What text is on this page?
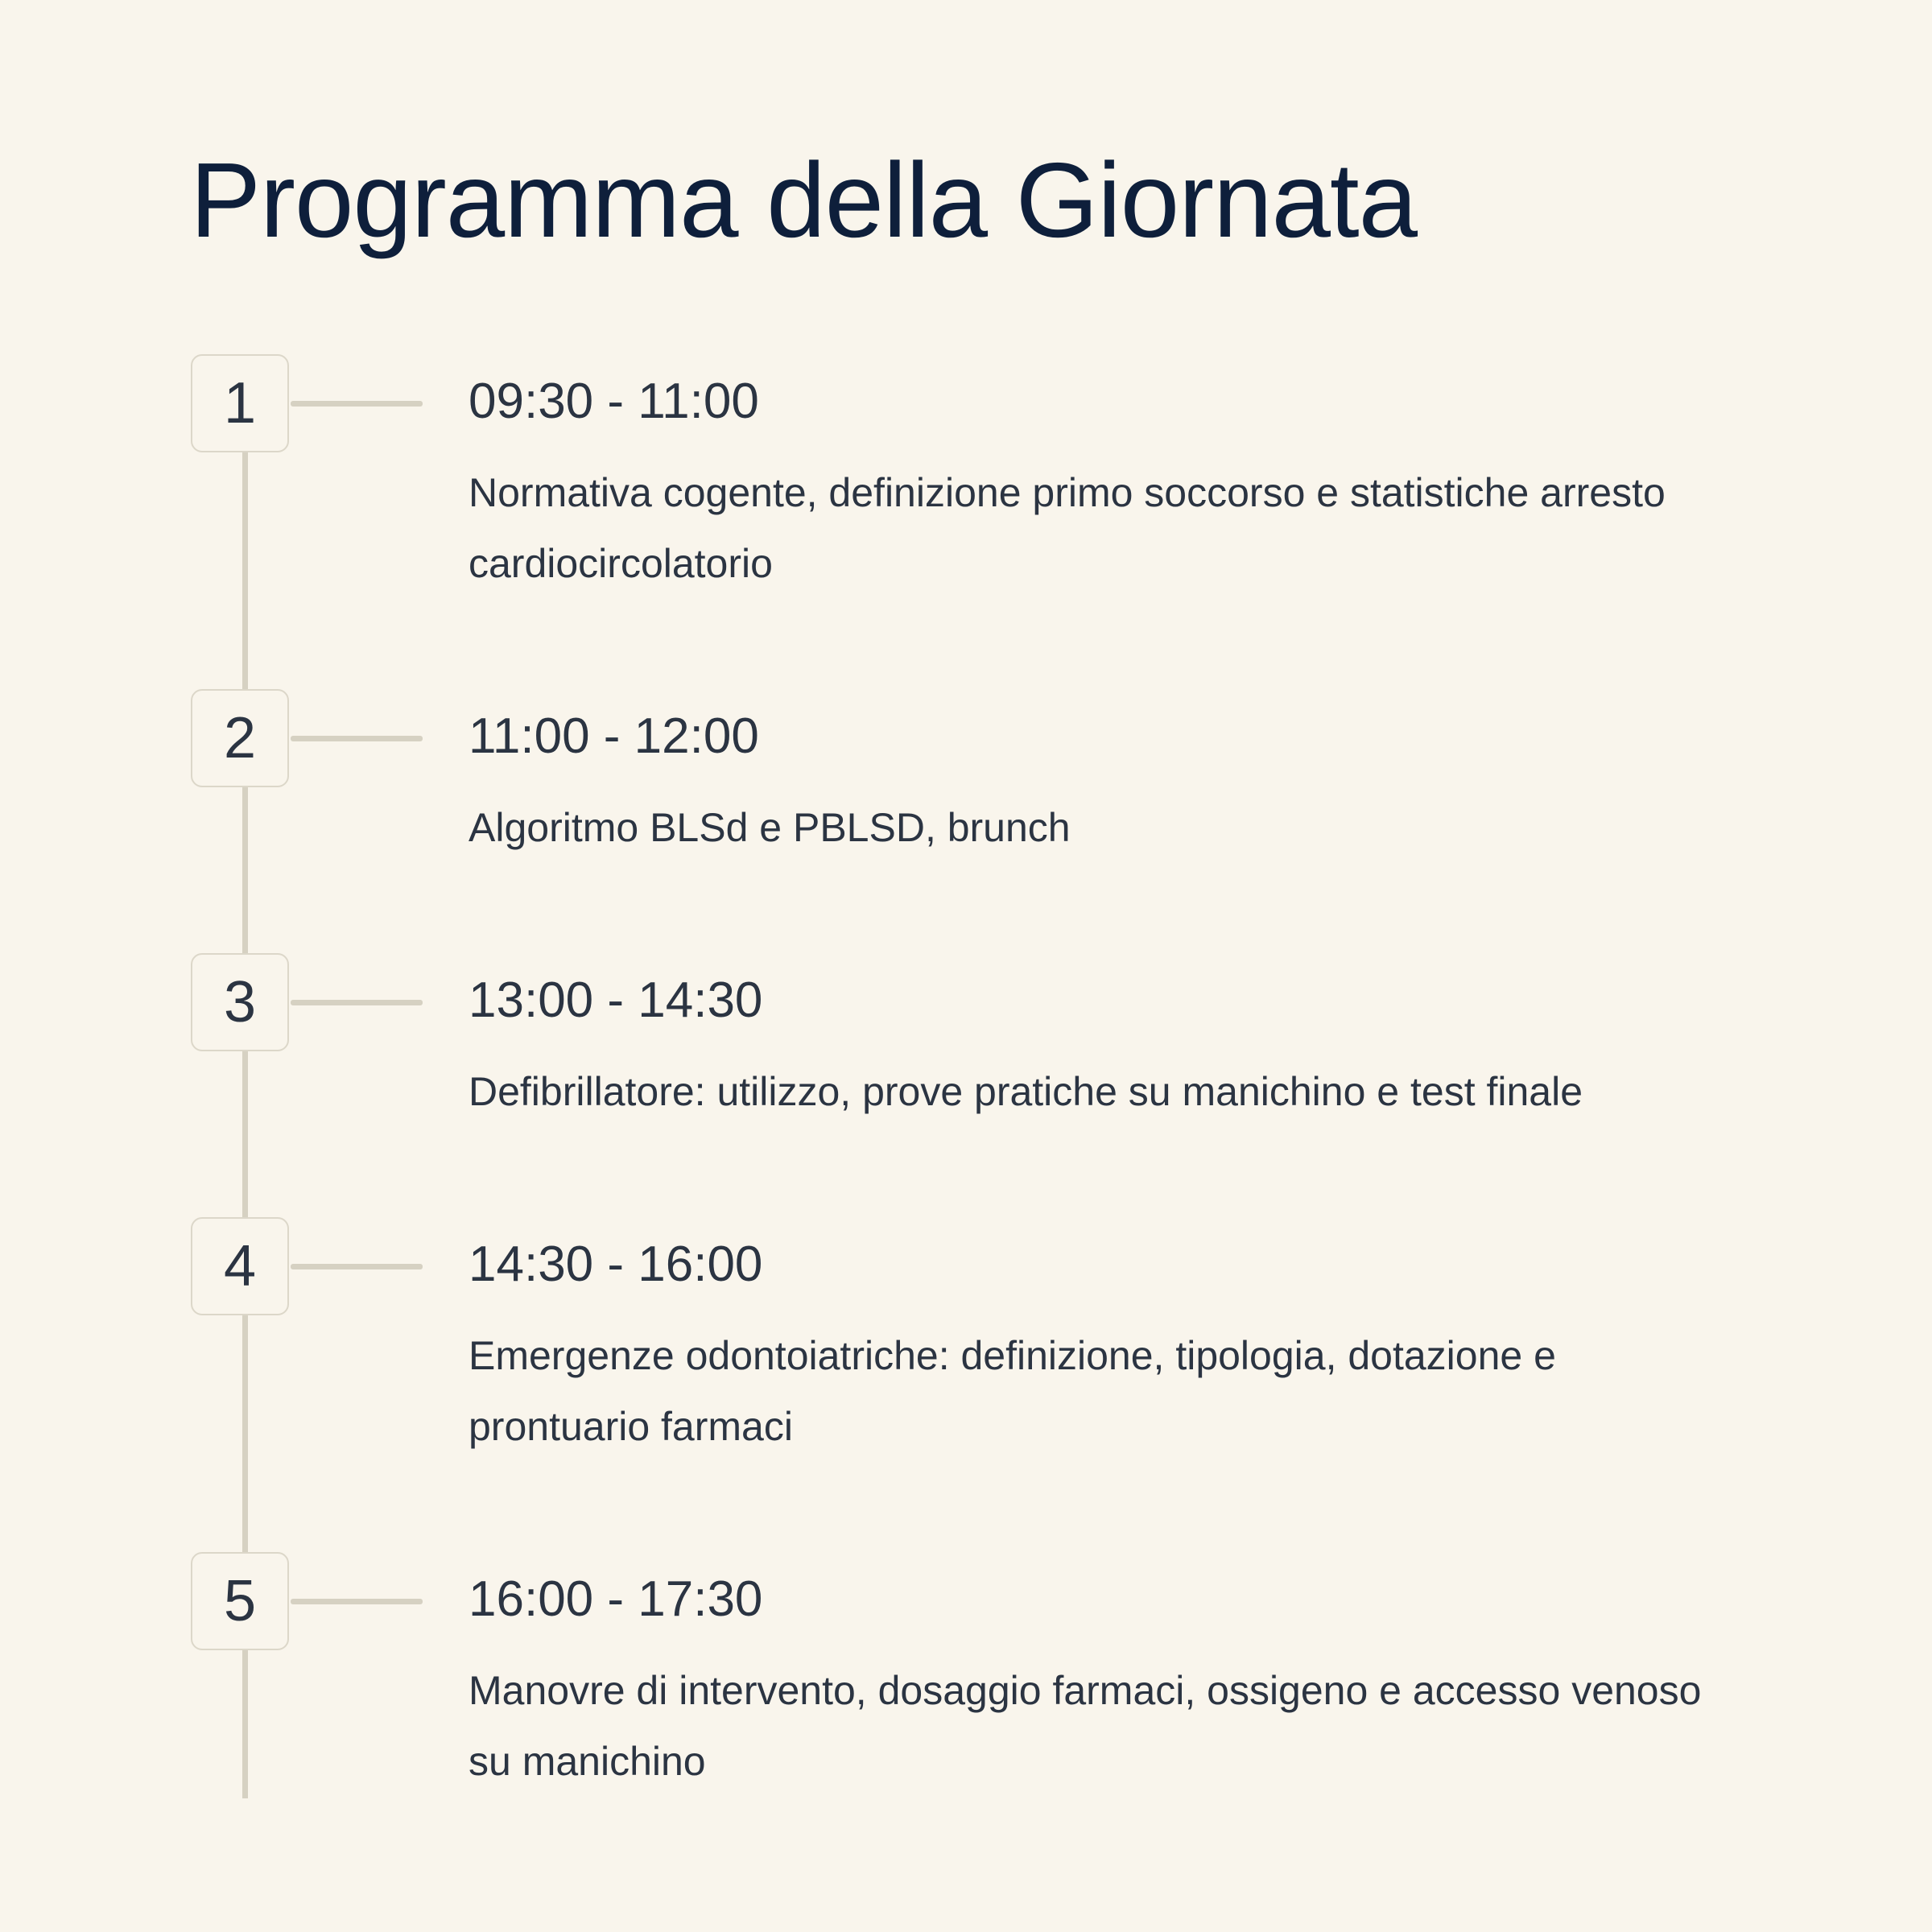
Programma della Giornata
1	09:30 - 11:00
Normativa cogente, definizione primo soccorso e statistiche arresto cardiocircolatorio
2	11:00 - 12:00
Algoritmo BLSd e PBLSD, brunch
3	13:00 - 14:30
Defibrillatore: utilizzo, prove pratiche su manichino e test finale
4	14:30 - 16:00
Emergenze odontoiatriche: definizione, tipologia, dotazione e prontuario farmaci
5	16:00 - 17:30
Manovre di intervento, dosaggio farmaci, ossigeno e accesso venoso su manichino
